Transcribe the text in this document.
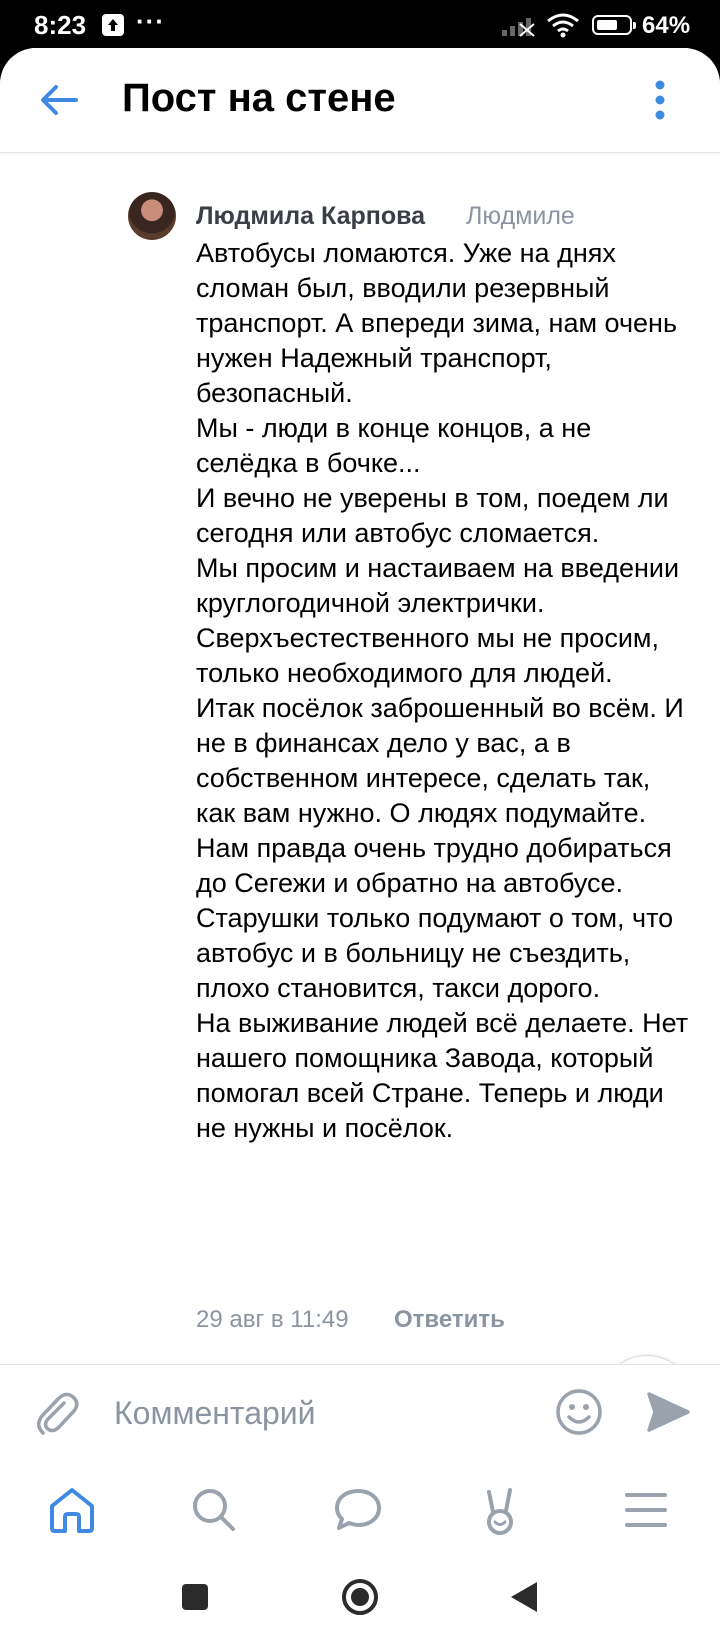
8:23 ···	64%
Пост на стене
Людмила Карпова Людмиле
Автобусы ломаются. Уже на днях сломан был, вводили резервный транспорт. А впереди зима, нам очень нужен Надежный транспорт, безопасный.
Мы - люди в конце концов, а не селёдка в бочке...
И вечно не уверены в том, поедем ли сегодня или автобус сломается.
Мы просим и настаиваем на введении круглогодичной электрички. Сверхъестественного мы не просим, только необходимого для людей.
Итак посёлок заброшенный во всём. И не в финансах дело у вас, а в собственном интересе, сделать так, как вам нужно. О людях подумайте. Нам правда очень трудно добираться до Сегежи и обратно на автобусе. Старушки только подумают о том, что автобус и в больницу не съездить, плохо становится, такси дорого.
На выживание людей всё делаете. Нет нашего помощника Завода, который помогал всей Стране. Теперь и люди не нужны и посёлок.
29 авг в 11:49 Ответить
Комментарий
